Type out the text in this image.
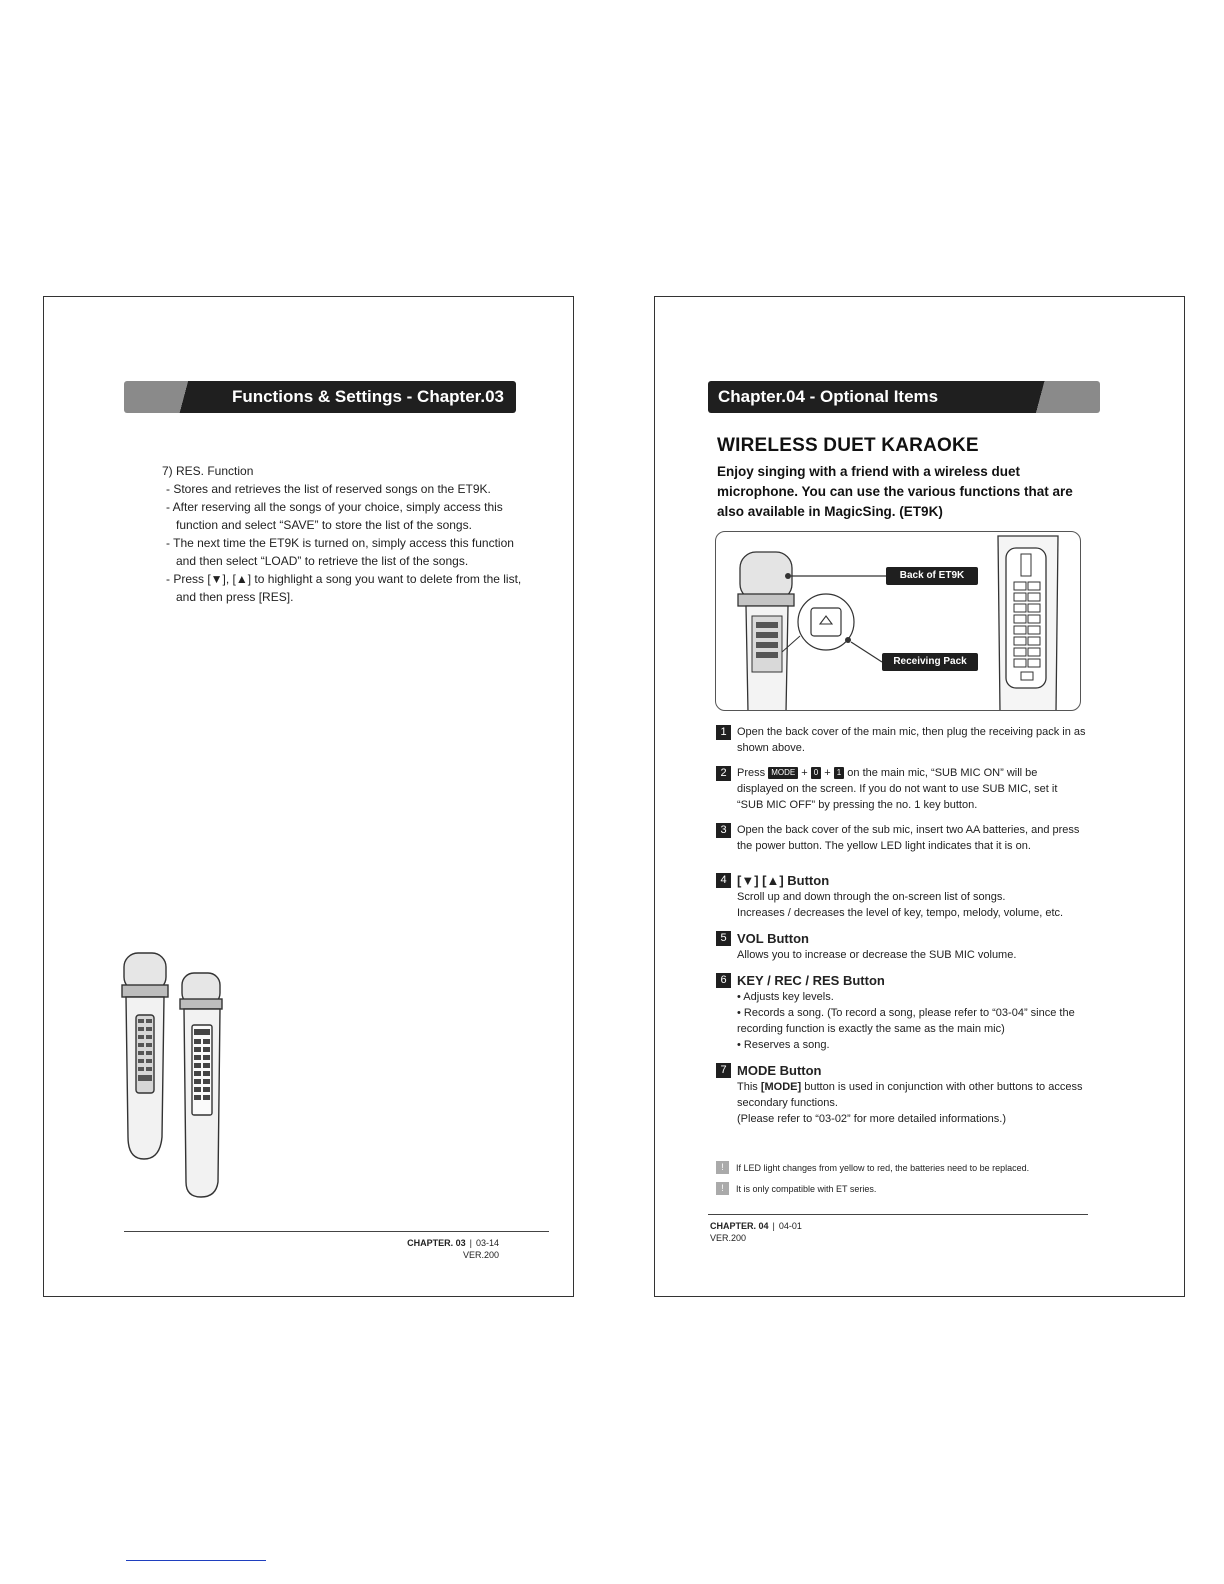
Functions & Settings - Chapter.03
7) RES. Function
- Stores and retrieves the list of reserved songs on the ET9K.
- After reserving all the songs of your choice, simply access this function and select “SAVE” to store the list of the songs.
- The next time the ET9K is turned on, simply access this function and then select “LOAD” to retrieve the list of the songs.
- Press [▼], [▲] to highlight a song you want to delete from the list, and then press [RES].
CHAPTER. 03 | 03-14
VER.200
Chapter.04 - Optional Items
WIRELESS DUET KARAOKE
Enjoy singing with a friend with a wireless duet microphone. You can use the various functions that are also available in MagicSing. (ET9K)
Back of ET9K
Receiving Pack
1 Open the back cover of the main mic, then plug the receiving pack in as shown above.
2 Press MODE + 0 + 1 on the main mic, “SUB MIC ON” will be displayed on the screen. If you do not want to use SUB MIC, set it “SUB MIC OFF” by pressing the no. 1 key button.
3 Open the back cover of the sub mic, insert two AA batteries, and press the power button. The yellow LED light indicates that it is on.
4 [▼] [▲] Button
Scroll up and down through the on-screen list of songs.
Increases / decreases the level of key, tempo, melody, volume, etc.
5 VOL Button
Allows you to increase or decrease the SUB MIC volume.
6 KEY / REC / RES Button
• Adjusts key levels.
• Records a song. (To record a song, please refer to “03-04” since the recording function is exactly the same as the main mic)
• Reserves a song.
7 MODE Button
This [MODE] button is used in conjunction with other buttons to access secondary functions.
(Please refer to “03-02” for more detailed informations.)
!	If LED light changes from yellow to red, the batteries need to be replaced.
!	It is only compatible with ET series.
CHAPTER. 04 | 04-01
VER.200
